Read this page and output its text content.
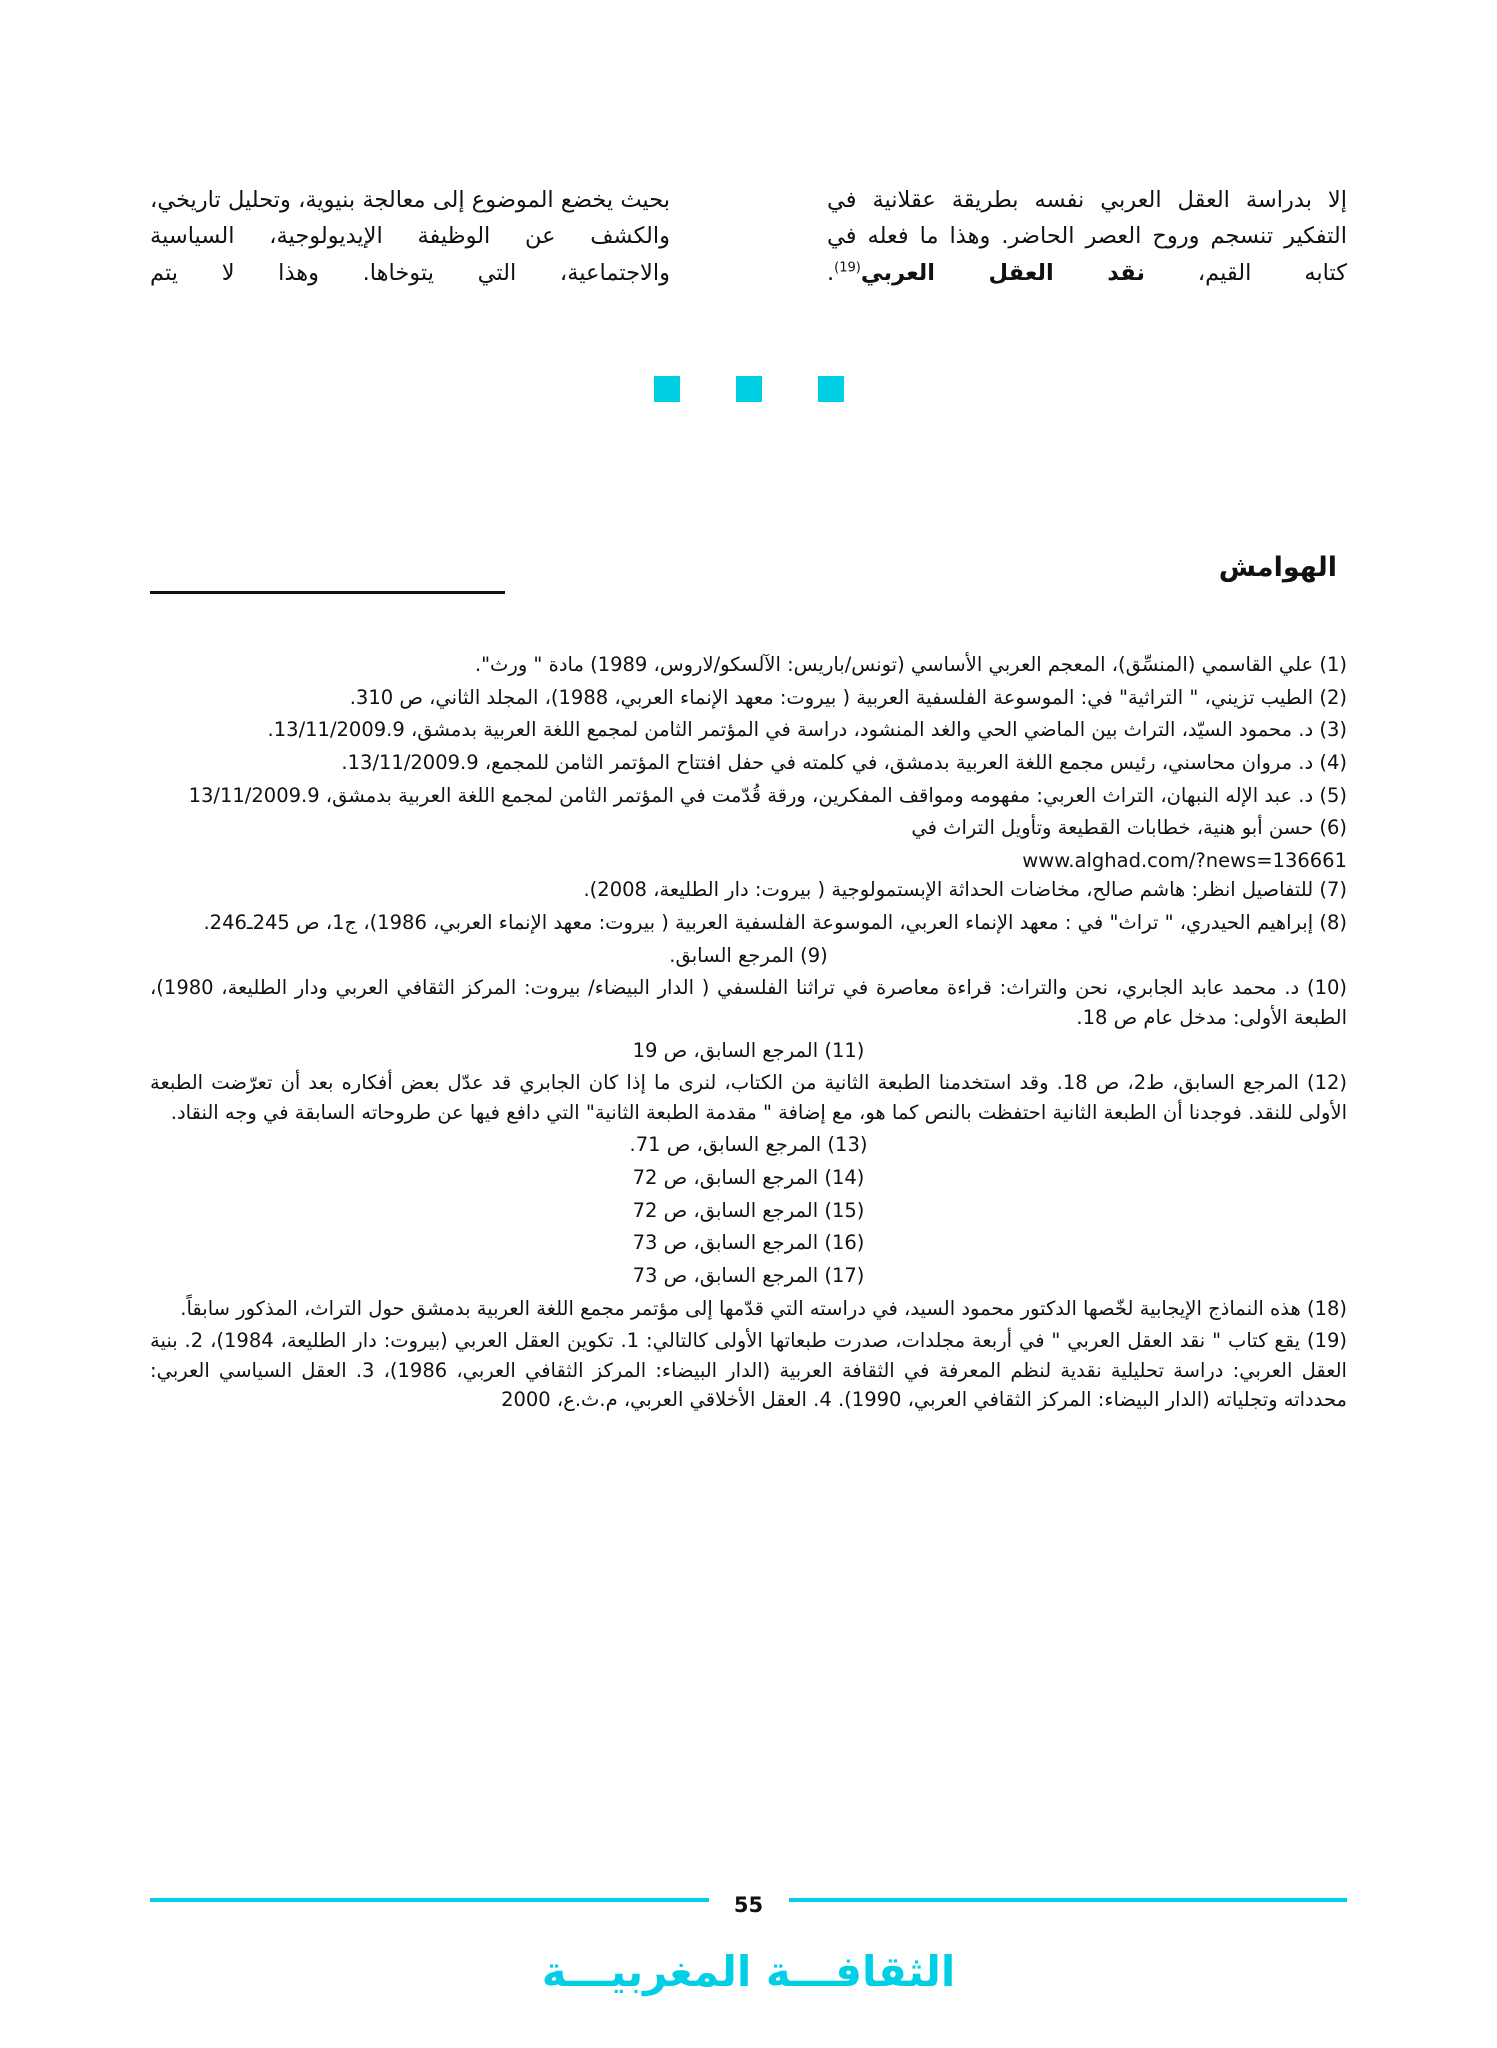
إلا بدراسة العقل العربي نفسه بطريقة عقلانية في التفكير تنسجم وروح العصر الحاضر. وهذا ما فعله في كتابه القيم، نقد العقل العربي$^{(19)}$.

بحيث يخضع الموضوع إلى معالجة بنيوية، وتحليل تاريخي، والكشف عن الوظيفة الإيديولوجية، السياسية والاجتماعية، التي يتوخاها. وهذا لا يتم

الهوامش

(1) علي القاسمي (المنسِّق)، المعجم العربي الأساسي (تونس/باريس: الآلسكو/لاروس، 1989) مادة " ورث".

(2) الطيب تزيني، " التراثية" في: الموسوعة الفلسفية العربية ( بيروت: معهد الإنماء العربي، 1988)، المجلد الثاني، ص 310.

(3) د. محمود السيّد، التراث بين الماضي الحي والغد المنشود، دراسة في المؤتمر الثامن لمجمع اللغة العربية بدمشق، 13/11/2009.9.

(4) د. مروان محاسني، رئيس مجمع اللغة العربية بدمشق، في كلمته في حفل افتتاح المؤتمر الثامن للمجمع، 13/11/2009.9.

(5) د. عبد الإله النبهان، التراث العربي: مفهومه ومواقف المفكرين، ورقة قُدّمت في المؤتمر الثامن لمجمع اللغة العربية بدمشق، 13/11/2009.9

(6) حسن أبو هنية، خطابات القطيعة وتأويل التراث في

www.alghad.com/?news=136661

(7) للتفاصيل انظر: هاشم صالح، مخاضات الحداثة الإبستمولوجية ( بيروت: دار الطليعة، 2008).

(8) إبراهيم الحيدري، " تراث" في : معهد الإنماء العربي، الموسوعة الفلسفية العربية ( بيروت: معهد الإنماء العربي، 1986)، ج1، ص 245ـ246.

(9) المرجع السابق.

(10) د. محمد عابد الجابري، نحن والتراث: قراءة معاصرة في تراثنا الفلسفي ( الدار البيضاء/ بيروت: المركز الثقافي العربي ودار الطليعة، 1980)، الطبعة الأولى: مدخل عام ص 18.

(11) المرجع السابق، ص 19

(12) المرجع السابق، ط2، ص 18. وقد استخدمنا الطبعة الثانية من الكتاب، لنرى ما إذا كان الجابري قد عدّل بعض أفكاره بعد أن تعرّضت الطبعة الأولى للنقد. فوجدنا أن الطبعة الثانية احتفظت بالنص كما هو، مع إضافة " مقدمة الطبعة الثانية" التي دافع فيها عن طروحاته السابقة في وجه النقاد.

(13) المرجع السابق، ص 71.

(14) المرجع السابق، ص 72

(15) المرجع السابق، ص 72

(16) المرجع السابق، ص 73

(17) المرجع السابق، ص 73

(18) هذه النماذج الإيجابية لخّصها الدكتور محمود السيد، في دراسته التي قدّمها إلى مؤتمر مجمع اللغة العربية بدمشق حول التراث، المذكور سابقاً.

(19) يقع كتاب " نقد العقل العربي " في أربعة مجلدات، صدرت طبعاتها الأولى كالتالي: 1. تكوين العقل العربي (بيروت: دار الطليعة، 1984)، 2. بنية العقل العربي: دراسة تحليلية نقدية لنظم المعرفة في الثقافة العربية (الدار البيضاء: المركز الثقافي العربي، 1986)، 3. العقل السياسي العربي: محدداته وتجلياته (الدار البيضاء: المركز الثقافي العربي، 1990). 4. العقل الأخلاقي العربي، م.ث.ع، 2000

55
الثقافـــة المغربيـــة
